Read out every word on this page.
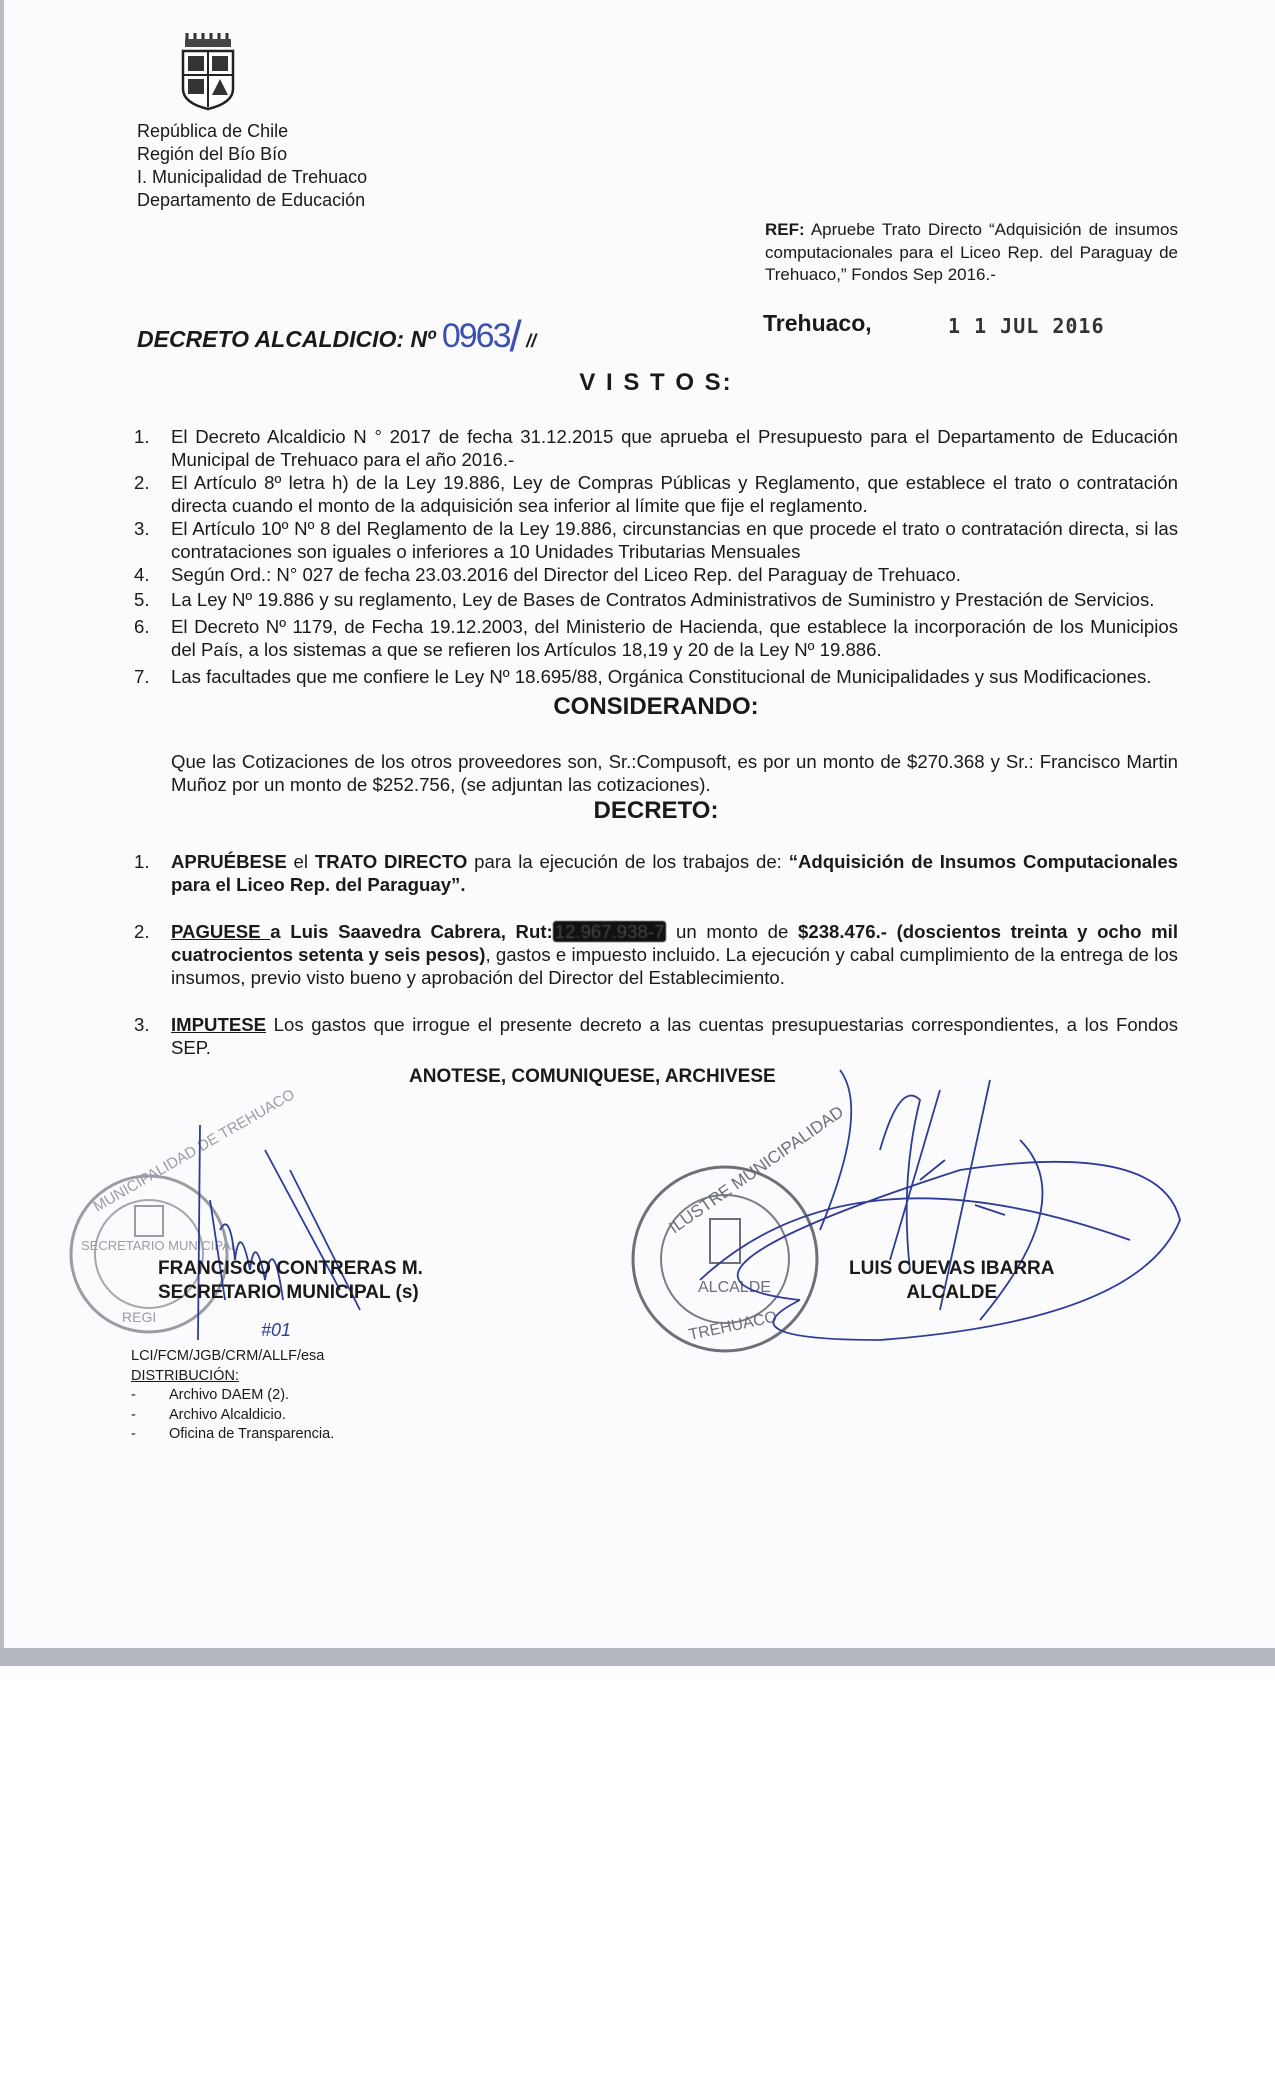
República de Chile
Región del Bío Bío
I. Municipalidad de Trehuaco
Departamento de Educación
REF: Apruebe Trato Directo “Adquisición de insumos computacionales para el Liceo Rep. del Paraguay de Trehuaco,” Fondos Sep 2016.-
DECRETO ALCALDICIO: Nº 0963/ //
Trehuaco,	1 1 JUL 2016
V I S T O S:
1. El Decreto Alcaldicio N ° 2017 de fecha 31.12.2015 que aprueba el Presupuesto para el Departamento de Educación Municipal de Trehuaco para el año 2016.-
2. El Artículo 8º letra h) de la Ley 19.886, Ley de Compras Públicas y Reglamento, que establece el trato o contratación directa cuando el monto de la adquisición sea inferior al límite que fije el reglamento.
3. El Artículo 10º Nº 8 del Reglamento de la Ley 19.886, circunstancias en que procede el trato o contratación directa, si las contrataciones son iguales o inferiores a 10 Unidades Tributarias Mensuales
4. Según Ord.: N° 027 de fecha 23.03.2016 del Director del Liceo Rep. del Paraguay de Trehuaco.
5. La Ley Nº 19.886 y su reglamento, Ley de Bases de Contratos Administrativos de Suministro y Prestación de Servicios.
6. El Decreto Nº 1179, de Fecha 19.12.2003, del Ministerio de Hacienda, que establece la incorporación de los Municipios del País, a los sistemas a que se refieren los Artículos 18,19 y 20 de la Ley Nº 19.886.
7. Las facultades que me confiere le Ley Nº 18.695/88, Orgánica Constitucional de Municipalidades y sus Modificaciones.
CONSIDERANDO:
Que las Cotizaciones de los otros proveedores son, Sr.:Compusoft, es por un monto de $270.368 y Sr.: Francisco Martin Muñoz por un monto de $252.756, (se adjuntan las cotizaciones).
DECRETO:
1. APRUÉBESE el TRATO DIRECTO para la ejecución de los trabajos de: “Adquisición de Insumos Computacionales para el Liceo Rep. del Paraguay”.
2. PAGUESE a Luis Saavedra Cabrera, Rut: 12.967.938-7 un monto de $238.476.- (doscientos treinta y ocho mil cuatrocientos setenta y seis pesos), gastos e impuesto incluido. La ejecución y cabal cumplimiento de la entrega de los insumos, previo visto bueno y aprobación del Director del Establecimiento.
3. IMPUTESE Los gastos que irrogue el presente decreto a las cuentas presupuestarias correspondientes, a los Fondos SEP.
ANOTESE, COMUNIQUESE, ARCHIVESE
MUNICIPALIDAD DE TREHUACO
SECRETARIO MUNICIPAL
REGI
ILUSTRE MUNICIPALIDAD
ALCALDE
TREHUACO
FRANCISCO CONTRERAS M.
SECRETARIO MUNICIPAL (s)
LUIS CUEVAS IBARRA
ALCALDE
LCI/FCM/JGB/CRM/ALLF/esa
#01
DISTRIBUCIÓN:
- Archivo DAEM (2).
- Archivo Alcaldicio.
- Oficina de Transparencia.
